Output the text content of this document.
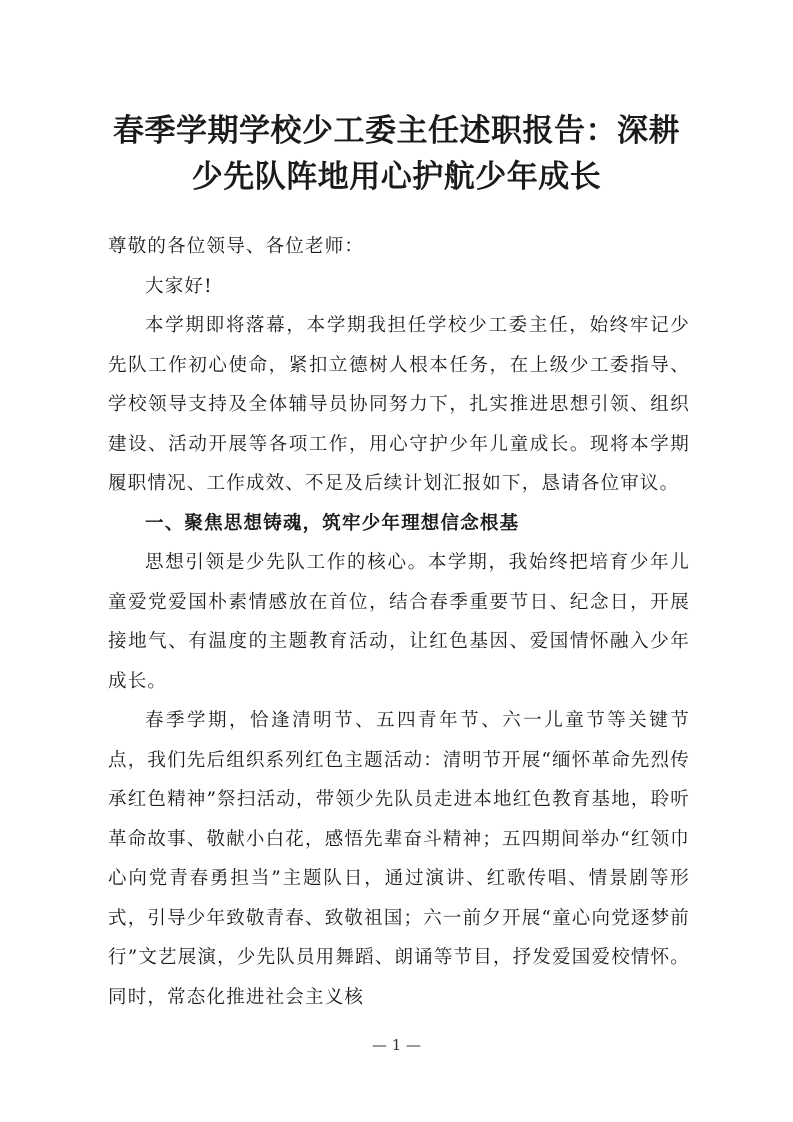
春季学期学校少工委主任述职报告：深耕少先队阵地用心护航少年成长

尊敬的各位领导、各位老师：

大家好!

本学期即将落幕，本学期我担任学校少工委主任，始终牢记少先队工作初心使命，紧扣立德树人根本任务，在上级少工委指导、学校领导支持及全体辅导员协同努力下，扎实推进思想引领、组织建设、活动开展等各项工作，用心守护少年儿童成长。现将本学期履职情况、工作成效、不足及后续计划汇报如下，恳请各位审议。

一、聚焦思想铸魂，筑牢少年理想信念根基

思想引领是少先队工作的核心。本学期，我始终把培育少年儿童爱党爱国朴素情感放在首位，结合春季重要节日、纪念日，开展接地气、有温度的主题教育活动，让红色基因、爱国情怀融入少年成长。

春季学期，恰逢清明节、五四青年节、六一儿童节等关键节点，我们先后组织系列红色主题活动：清明节开展“缅怀革命先烈传承红色精神”祭扫活动，带领少先队员走进本地红色教育基地，聆听革命故事、敬献小白花，感悟先辈奋斗精神；五四期间举办“红领巾心向党青春勇担当”主题队日，通过演讲、红歌传唱、情景剧等形式，引导少年致敬青春、致敬祖国；六一前夕开展“童心向党逐梦前行”文艺展演，少先队员用舞蹈、朗诵等节目，抒发爱国爱校情怀。同时，常态化推进社会主义核

— 1 —
